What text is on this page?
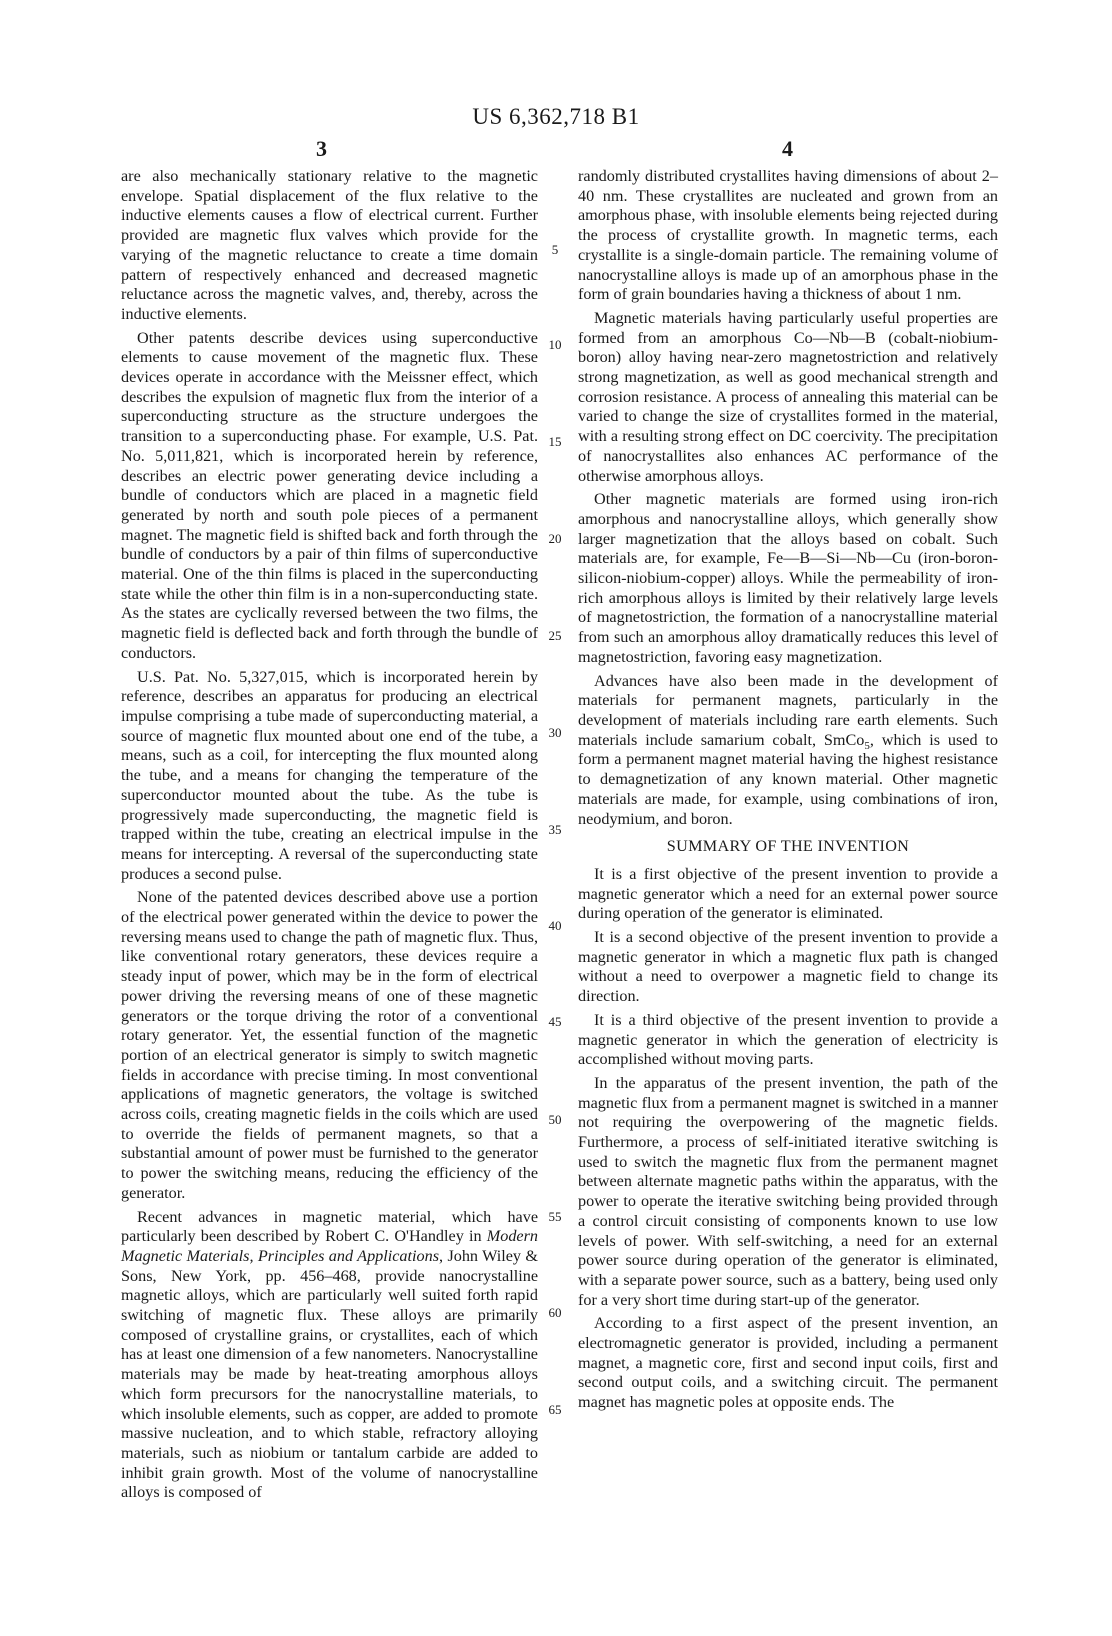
US 6,362,718 B1
3	4
5
10
15
20
25
30
35
40
45
50
55
60
65

are also mechanically stationary relative to the magnetic envelope. Spatial displacement of the flux relative to the inductive elements causes a flow of electrical current. Further provided are magnetic flux valves which provide for the varying of the magnetic reluctance to create a time domain pattern of respectively enhanced and decreased magnetic reluctance across the magnetic valves, and, thereby, across the inductive elements.

Other patents describe devices using superconductive elements to cause movement of the magnetic flux. These devices operate in accordance with the Meissner effect, which describes the expulsion of magnetic flux from the interior of a superconducting structure as the structure undergoes the transition to a superconducting phase. For example, U.S. Pat. No. 5,011,821, which is incorporated herein by reference, describes an electric power generating device including a bundle of conductors which are placed in a magnetic field generated by north and south pole pieces of a permanent magnet. The magnetic field is shifted back and forth through the bundle of conductors by a pair of thin films of superconductive material. One of the thin films is placed in the superconducting state while the other thin film is in a non-superconducting state. As the states are cyclically reversed between the two films, the magnetic field is deflected back and forth through the bundle of conductors.

U.S. Pat. No. 5,327,015, which is incorporated herein by reference, describes an apparatus for producing an electrical impulse comprising a tube made of superconducting material, a source of magnetic flux mounted about one end of the tube, a means, such as a coil, for intercepting the flux mounted along the tube, and a means for changing the temperature of the superconductor mounted about the tube. As the tube is progressively made superconducting, the magnetic field is trapped within the tube, creating an electrical impulse in the means for intercepting. A reversal of the superconducting state produces a second pulse.

None of the patented devices described above use a portion of the electrical power generated within the device to power the reversing means used to change the path of magnetic flux. Thus, like conventional rotary generators, these devices require a steady input of power, which may be in the form of electrical power driving the reversing means of one of these magnetic generators or the torque driving the rotor of a conventional rotary generator. Yet, the essential function of the magnetic portion of an electrical generator is simply to switch magnetic fields in accordance with precise timing. In most conventional applications of magnetic generators, the voltage is switched across coils, creating magnetic fields in the coils which are used to override the fields of permanent magnets, so that a substantial amount of power must be furnished to the generator to power the switching means, reducing the efficiency of the generator.

Recent advances in magnetic material, which have particularly been described by Robert C. O'Handley in Modern Magnetic Materials, Principles and Applications, John Wiley & Sons, New York, pp. 456–468, provide nanocrystalline magnetic alloys, which are particularly well suited forth rapid switching of magnetic flux. These alloys are primarily composed of crystalline grains, or crystallites, each of which has at least one dimension of a few nanometers. Nanocrystalline materials may be made by heat-treating amorphous alloys which form precursors for the nanocrystalline materials, to which insoluble elements, such as copper, are added to promote massive nucleation, and to which stable, refractory alloying materials, such as niobium or tantalum carbide are added to inhibit grain growth. Most of the volume of nanocrystalline alloys is composed of

randomly distributed crystallites having dimensions of about 2–40 nm. These crystallites are nucleated and grown from an amorphous phase, with insoluble elements being rejected during the process of crystallite growth. In magnetic terms, each crystallite is a single-domain particle. The remaining volume of nanocrystalline alloys is made up of an amorphous phase in the form of grain boundaries having a thickness of about 1 nm.

Magnetic materials having particularly useful properties are formed from an amorphous Co—Nb—B (cobalt-niobium-boron) alloy having near-zero magnetostriction and relatively strong magnetization, as well as good mechanical strength and corrosion resistance. A process of annealing this material can be varied to change the size of crystallites formed in the material, with a resulting strong effect on DC coercivity. The precipitation of nanocrystallites also enhances AC performance of the otherwise amorphous alloys.

Other magnetic materials are formed using iron-rich amorphous and nanocrystalline alloys, which generally show larger magnetization that the alloys based on cobalt. Such materials are, for example, Fe—B—Si—Nb—Cu (iron-boron-silicon-niobium-copper) alloys. While the permeability of iron-rich amorphous alloys is limited by their relatively large levels of magnetostriction, the formation of a nanocrystalline material from such an amorphous alloy dramatically reduces this level of magnetostriction, favoring easy magnetization.

Advances have also been made in the development of materials for permanent magnets, particularly in the development of materials including rare earth elements. Such materials include samarium cobalt, SmCo$_5$, which is used to form a permanent magnet material having the highest resistance to demagnetization of any known material. Other magnetic materials are made, for example, using combinations of iron, neodymium, and boron.

SUMMARY OF THE INVENTION

It is a first objective of the present invention to provide a magnetic generator which a need for an external power source during operation of the generator is eliminated.

It is a second objective of the present invention to provide a magnetic generator in which a magnetic flux path is changed without a need to overpower a magnetic field to change its direction.

It is a third objective of the present invention to provide a magnetic generator in which the generation of electricity is accomplished without moving parts.

In the apparatus of the present invention, the path of the magnetic flux from a permanent magnet is switched in a manner not requiring the overpowering of the magnetic fields. Furthermore, a process of self-initiated iterative switching is used to switch the magnetic flux from the permanent magnet between alternate magnetic paths within the apparatus, with the power to operate the iterative switching being provided through a control circuit consisting of components known to use low levels of power. With self-switching, a need for an external power source during operation of the generator is eliminated, with a separate power source, such as a battery, being used only for a very short time during start-up of the generator.

According to a first aspect of the present invention, an electromagnetic generator is provided, including a permanent magnet, a magnetic core, first and second input coils, first and second output coils, and a switching circuit. The permanent magnet has magnetic poles at opposite ends. The
